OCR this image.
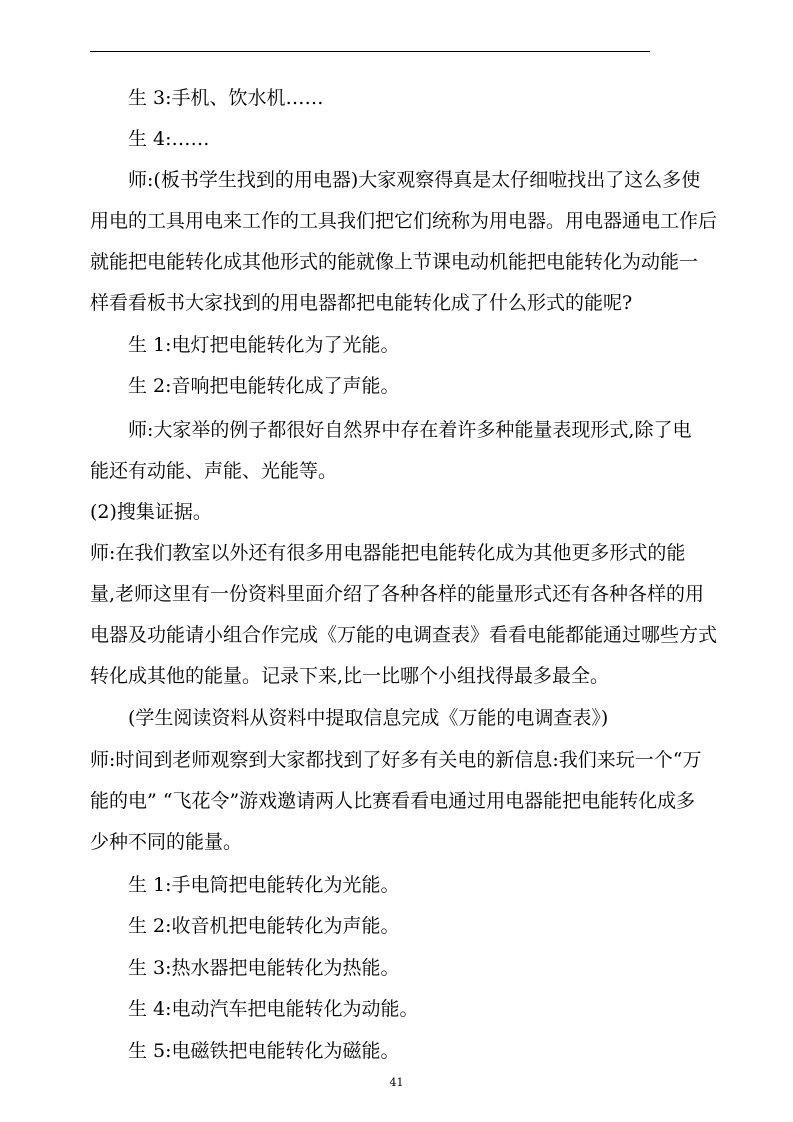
生 3:手机、饮水机……
生 4:……
师:(板书学生找到的用电器)大家观察得真是太仔细啦找出了这么多使
用电的工具用电来工作的工具我们把它们统称为用电器。用电器通电工作后
就能把电能转化成其他形式的能就像上节课电动机能把电能转化为动能一
样看看板书大家找到的用电器都把电能转化成了什么形式的能呢?
生 1:电灯把电能转化为了光能。
生 2:音响把电能转化成了声能。
师:大家举的例子都很好自然界中存在着许多种能量表现形式,除了电
能还有动能、声能、光能等。
(2)搜集证据。
师:在我们教室以外还有很多用电器能把电能转化成为其他更多形式的能
量,老师这里有一份资料里面介绍了各种各样的能量形式还有各种各样的用
电器及功能请小组合作完成《万能的电调查表》看看电能都能通过哪些方式
转化成其他的能量。记录下来,比一比哪个小组找得最多最全。
(学生阅读资料从资料中提取信息完成《万能的电调查表》)
师:时间到老师观察到大家都找到了好多有关电的新信息:我们来玩一个“万
能的电” “飞花令”游戏邀请两人比赛看看电通过用电器能把电能转化成多
少种不同的能量。
生 1:手电筒把电能转化为光能。
生 2:收音机把电能转化为声能。
生 3:热水器把电能转化为热能。
生 4:电动汽车把电能转化为动能。
生 5:电磁铁把电能转化为磁能。
41
